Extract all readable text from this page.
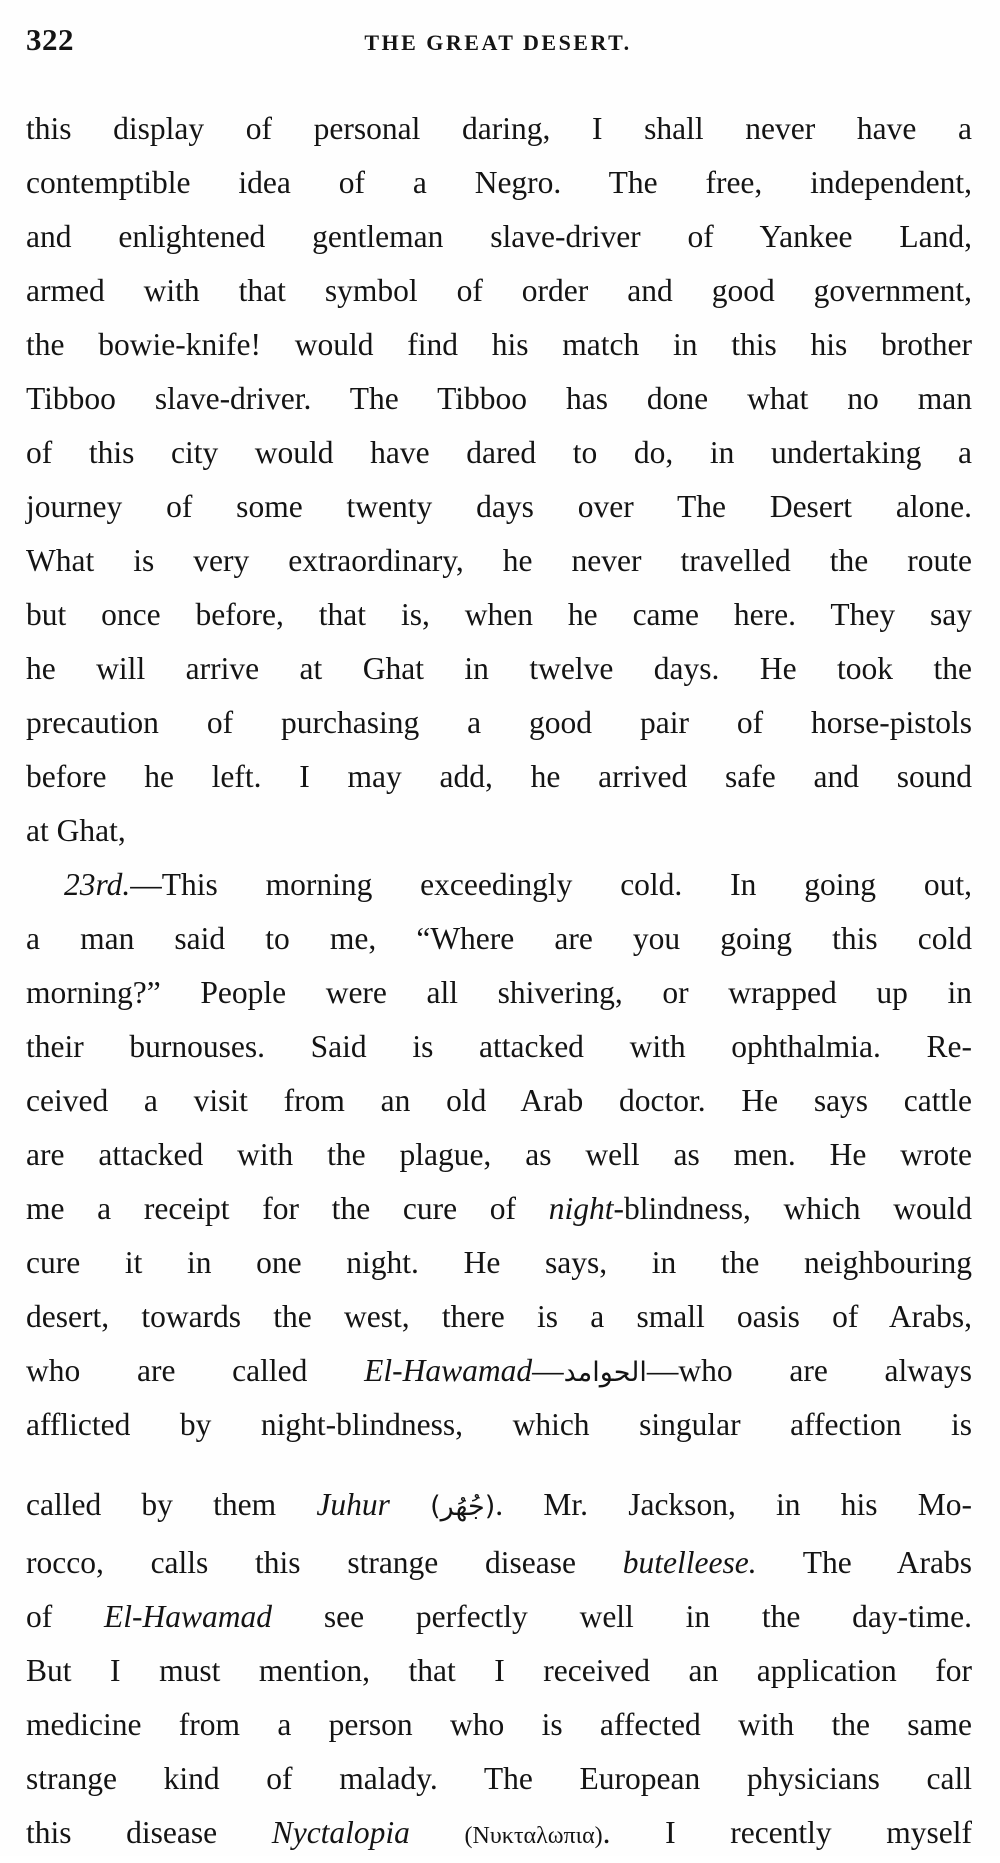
322	THE GREAT DESERT.
this display of personal daring, I shall never have a
contemptible idea of a Negro. The free, independent,
and enlightened gentleman slave-driver of Yankee Land,
armed with that symbol of order and good government,
the bowie-knife! would find his match in this his brother
Tibboo slave-driver. The Tibboo has done what no man
of this city would have dared to do, in undertaking a
journey of some twenty days over The Desert alone.
What is very extraordinary, he never travelled the route
but once before, that is, when he came here. They say
he will arrive at Ghat in twelve days. He took the
precaution of purchasing a good pair of horse-pistols
before he left. I may add, he arrived safe and sound
at Ghat,
23rd.—This morning exceedingly cold. In going out,
a man said to me, “Where are you going this cold
morning?” People were all shivering, or wrapped up in
their burnouses. Said is attacked with ophthalmia. Re-
ceived a visit from an old Arab doctor. He says cattle
are attacked with the plague, as well as men. He wrote
me a receipt for the cure of night-blindness, which would
cure it in one night. He says, in the neighbouring
desert, towards the west, there is a small oasis of Arabs,
who are called El-Hawamad—الحوامد—who are always
afflicted by night-blindness, which singular affection is
called by them Juhur (جُهُر). Mr. Jackson, in his Mo-
rocco, calls this strange disease butelleese. The Arabs
of El-Hawamad see perfectly well in the day-time.
But I must mention, that I received an application for
medicine from a person who is affected with the same
strange kind of malady. The European physicians call
this disease Nyctalopia (Νυκταλωπια). I recently myself
